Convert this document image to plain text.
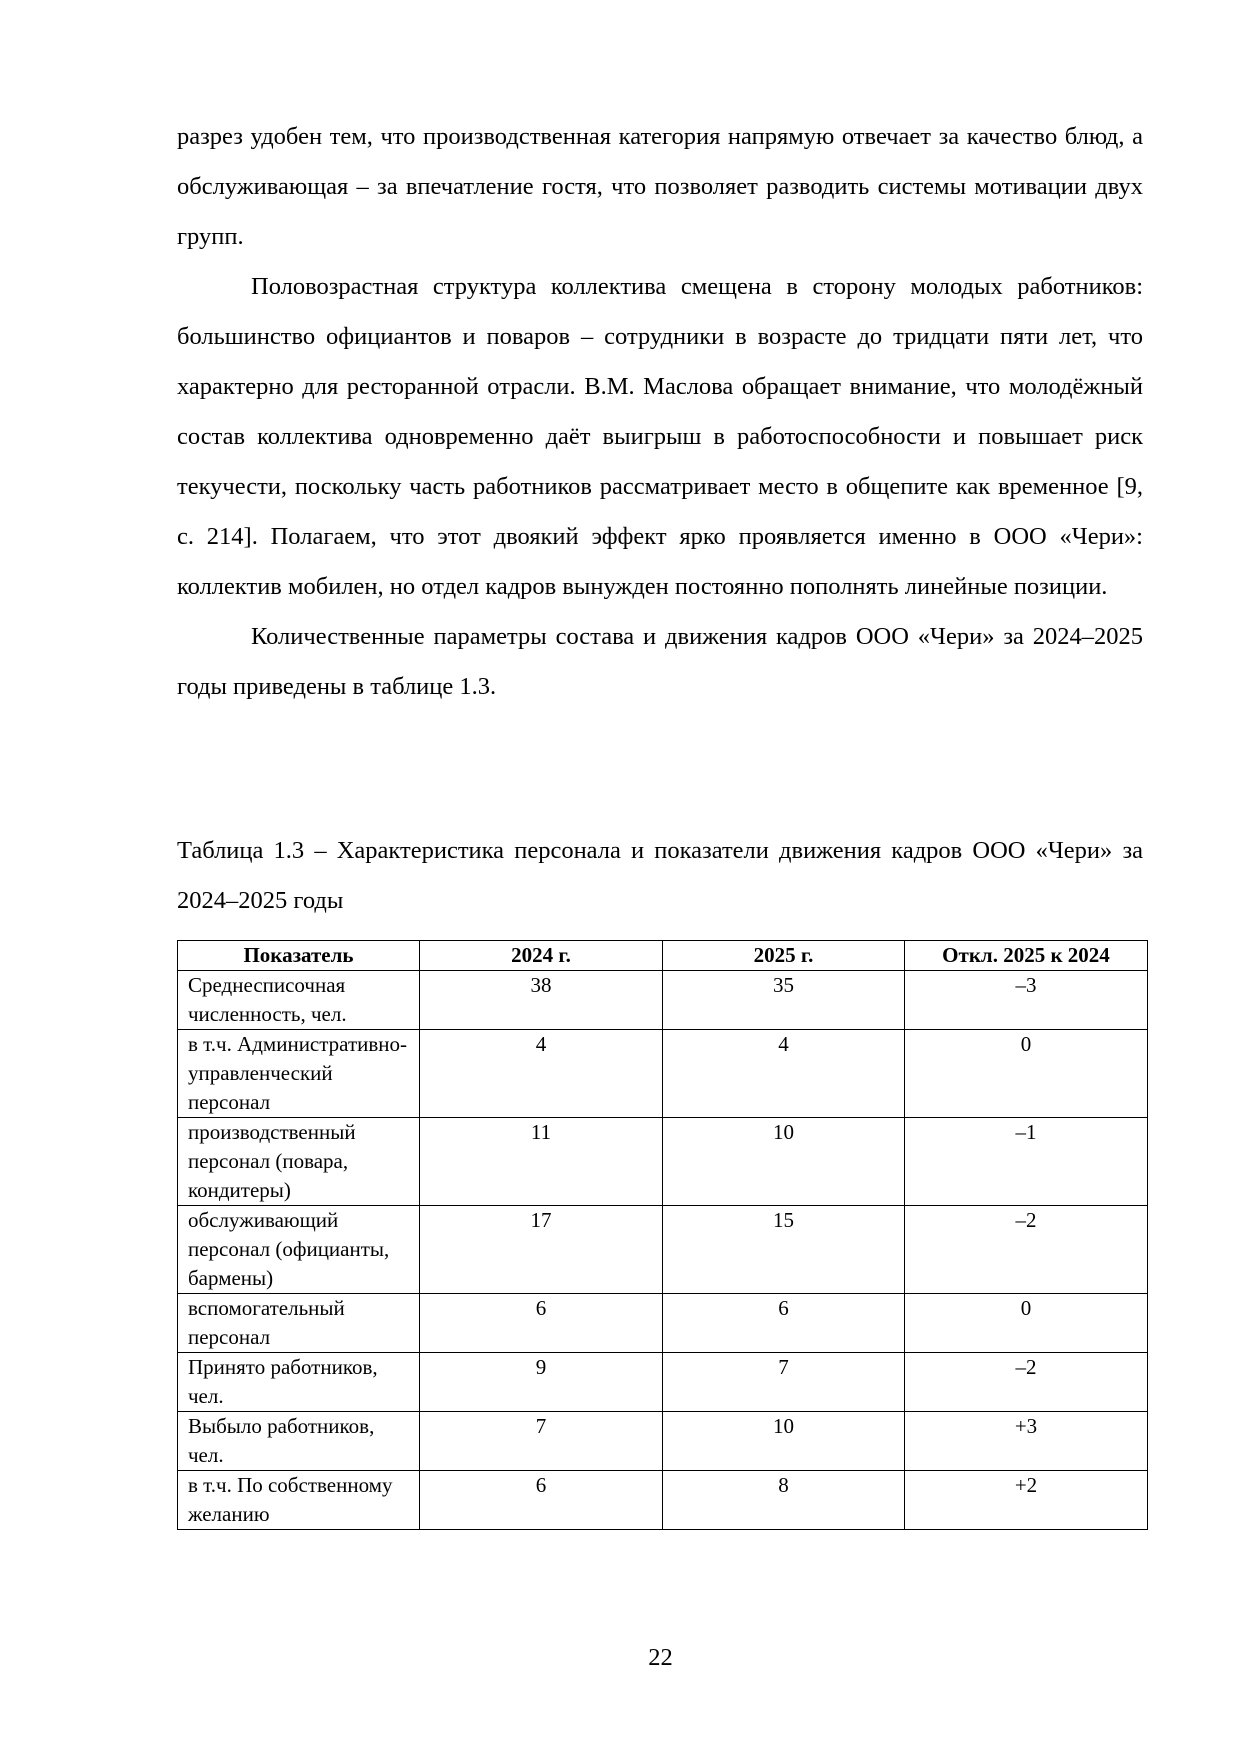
разрез удобен тем, что производственная категория напрямую отвечает за качество блюд, а обслуживающая – за впечатление гостя, что позволяет разводить системы мотивации двух групп.

Половозрастная структура коллектива смещена в сторону молодых работников: большинство официантов и поваров – сотрудники в возрасте до тридцати пяти лет, что характерно для ресторанной отрасли. В.М. Маслова обращает внимание, что молодёжный состав коллектива одновременно даёт выигрыш в работоспособности и повышает риск текучести, поскольку часть работников рассматривает место в общепите как временное [9, с. 214]. Полагаем, что этот двоякий эффект ярко проявляется именно в ООО «Чери»: коллектив мобилен, но отдел кадров вынужден постоянно пополнять линейные позиции.

Количественные параметры состава и движения кадров ООО «Чери» за 2024–2025 годы приведены в таблице 1.3.

Таблица 1.3 – Характеристика персонала и показатели движения кадров ООО «Чери» за 2024–2025 годы
Показатель	2024 г.	2025 г.	Откл. 2025 к 2024
Среднесписочная численность, чел.	38	35	–3
в т.ч. Административно-управленческий персонал	4	4	0
производственный персонал (повара, кондитеры)	11	10	–1
обслуживающий персонал (официанты, бармены)	17	15	–2
вспомогательный персонал	6	6	0
Принято работников, чел.	9	7	–2
Выбыло работников, чел.	7	10	+3
в т.ч. По собственному желанию	6	8	+2
22
